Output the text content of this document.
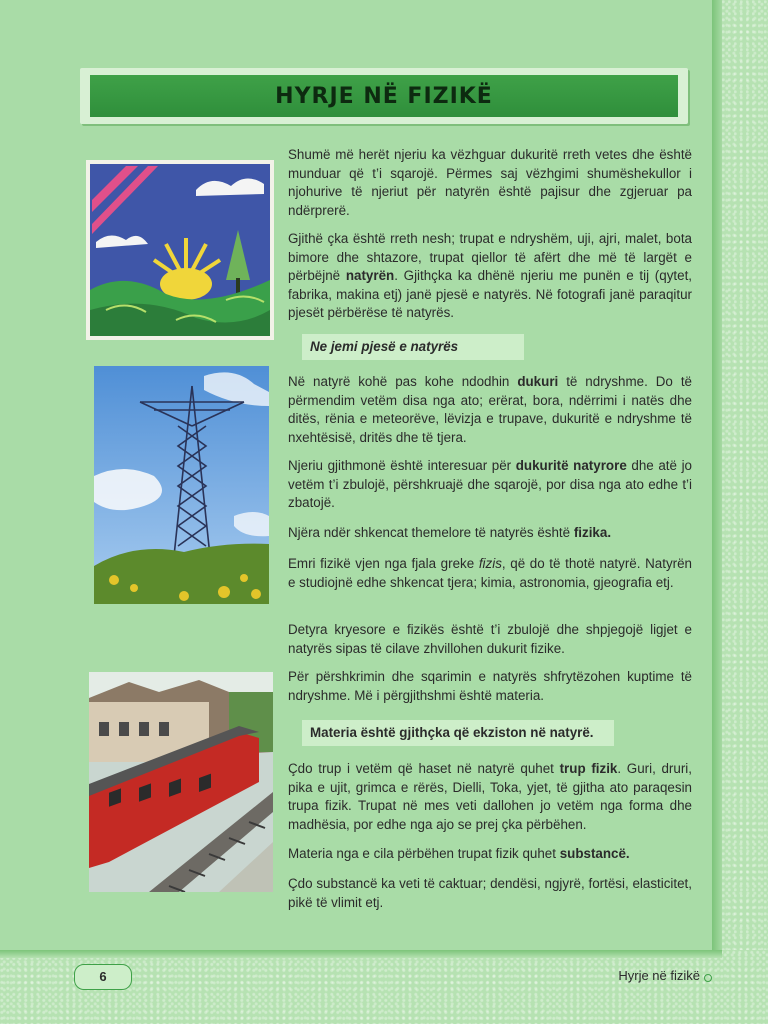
HYRJE NË FIZIKË

Shumë më herët njeriu ka vëzhguar dukuritë rreth vetes dhe është munduar që t’i sqarojë. Përmes saj vëzhgimi shumëshekullor i njohurive të njeriut për natyrën është pajisur dhe zgjeruar pa ndërprerë.

Gjithë çka është rreth nesh; trupat e ndryshëm, uji, ajri, malet, bota bimore dhe shtazore, trupat qiellor të afërt dhe më të largët e përbëjnë natyrën. Gjithçka ka dhënë njeriu me punën e tij (qytet, fabrika, makina etj) janë pjesë e natyrës. Në fotografi janë paraqitur pjesët përbërëse të natyrës.

Ne jemi pjesë e natyrës

Në natyrë kohë pas kohe ndodhin dukuri të ndryshme. Do të përmendim vetëm disa nga ato; erërat, bora, ndërrimi i natës dhe ditës, rënia e meteorëve, lëvizja e trupave, dukuritë e ndryshme të nxehtësisë, dritës dhe të tjera.

Njeriu gjithmonë është interesuar për dukuritë natyrore dhe atë jo vetëm t’i zbulojë, përshkruajë dhe sqarojë, por disa nga ato edhe t’i zbatojë.

Njëra ndër shkencat themelore të natyrës është fizika.

Emri fizikë vjen nga fjala greke fizis, që do të thotë natyrë. Natyrën e studiojnë edhe shkencat tjera; kimia, astronomia, gjeografia etj.

Detyra kryesore e fizikës është t’i zbulojë dhe shpjegojë ligjet e natyrës sipas të cilave zhvillohen dukurit fizike.

Për përshkrimin dhe sqarimin e natyrës shfrytëzohen kuptime të ndryshme. Më i përgjithshmi është materia.

Materia është gjithçka që ekziston në natyrë.

Çdo trup i vetëm që haset në natyrë quhet trup fizik. Guri, druri, pika e ujit, grimca e rërës, Dielli, Toka, yjet, të gjitha ato paraqesin trupa fizik. Trupat në mes veti dallohen jo vetëm nga forma dhe madhësia, por edhe nga ajo se prej çka përbëhen.

Materia nga e cila përbëhen trupat fizik quhet substancë.

Çdo substancë ka veti të caktuar; dendësi, ngjyrë, fortësi, elasticitet, pikë të vlimit etj.

6	Hyrje në fizikë
